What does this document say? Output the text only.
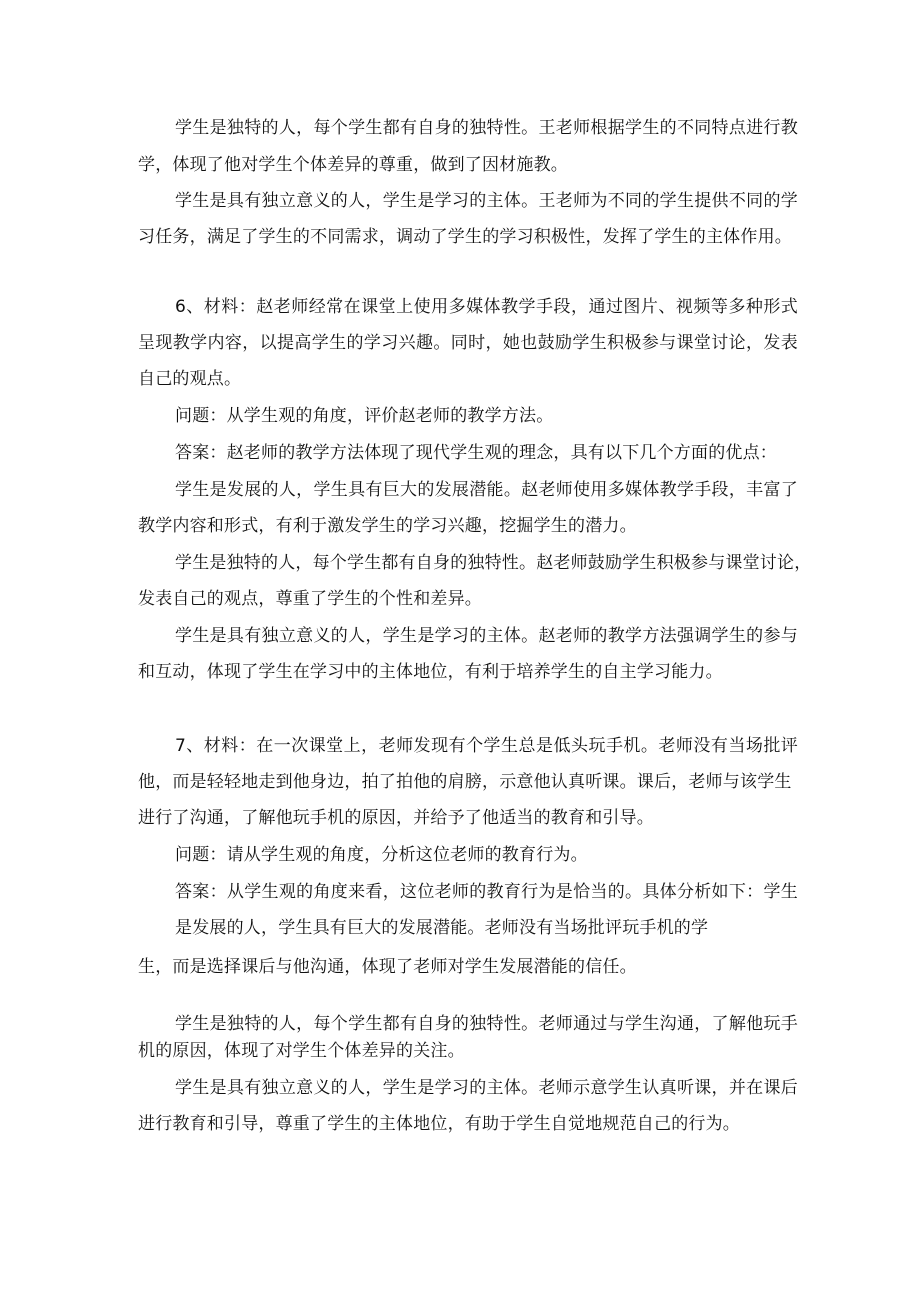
学生是独特的人，每个学生都有自身的独特性。王老师根据学生的不同特点进行教
学，体现了他对学生个体差异的尊重，做到了因材施教。
学生是具有独立意义的人，学生是学习的主体。王老师为不同的学生提供不同的学
习任务，满足了学生的不同需求，调动了学生的学习积极性，发挥了学生的主体作用。
6、材料：赵老师经常在课堂上使用多媒体教学手段，通过图片、视频等多种形式
呈现教学内容，以提高学生的学习兴趣。同时，她也鼓励学生积极参与课堂讨论，发表
自己的观点。
问题：从学生观的角度，评价赵老师的教学方法。
答案：赵老师的教学方法体现了现代学生观的理念，具有以下几个方面的优点：
学生是发展的人，学生具有巨大的发展潜能。赵老师使用多媒体教学手段，丰富了
教学内容和形式，有利于激发学生的学习兴趣，挖掘学生的潜力。
学生是独特的人，每个学生都有自身的独特性。赵老师鼓励学生积极参与课堂讨论，
发表自己的观点，尊重了学生的个性和差异。
学生是具有独立意义的人，学生是学习的主体。赵老师的教学方法强调学生的参与
和互动，体现了学生在学习中的主体地位，有利于培养学生的自主学习能力。
7、材料：在一次课堂上，老师发现有个学生总是低头玩手机。老师没有当场批评
他，而是轻轻地走到他身边，拍了拍他的肩膀，示意他认真听课。课后，老师与该学生
进行了沟通，了解他玩手机的原因，并给予了他适当的教育和引导。
问题：请从学生观的角度，分析这位老师的教育行为。
答案：从学生观的角度来看，这位老师的教育行为是恰当的。具体分析如下：学生
是发展的人，学生具有巨大的发展潜能。老师没有当场批评玩手机的学
生，而是选择课后与他沟通，体现了老师对学生发展潜能的信任。
学生是独特的人，每个学生都有自身的独特性。老师通过与学生沟通，了解他玩手
机的原因，体现了对学生个体差异的关注。
学生是具有独立意义的人，学生是学习的主体。老师示意学生认真听课，并在课后
进行教育和引导，尊重了学生的主体地位，有助于学生自觉地规范自己的行为。
